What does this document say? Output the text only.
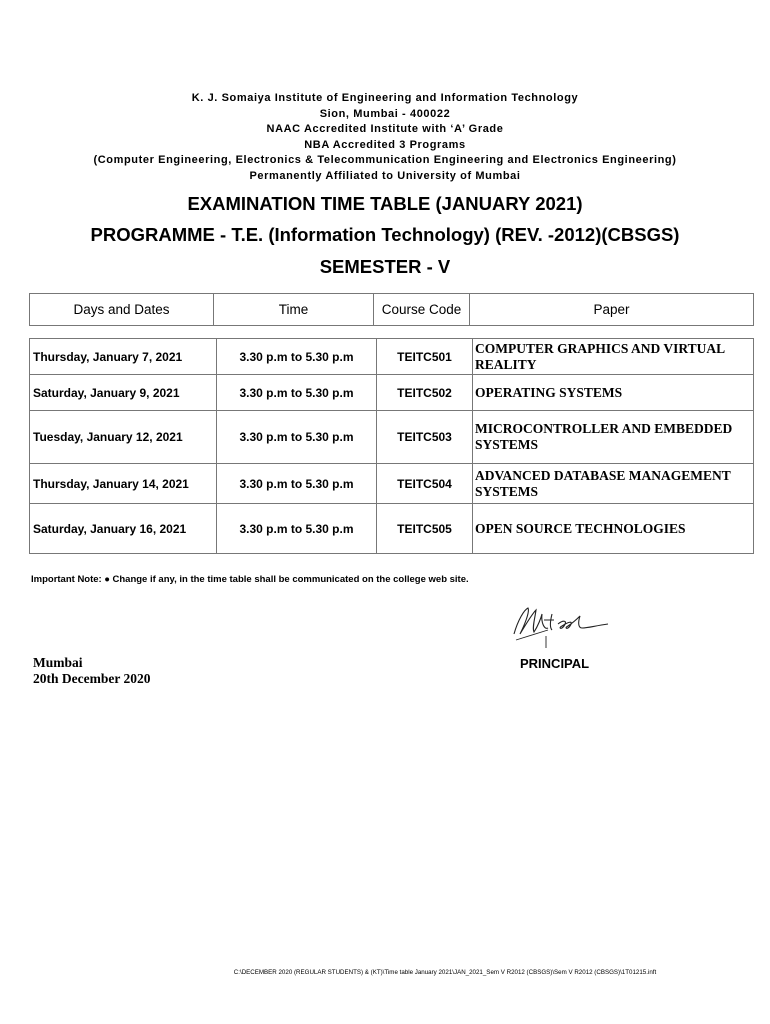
K. J. Somaiya Institute of Engineering and Information Technology
Sion, Mumbai - 400022
NAAC Accredited Institute with ‘A’ Grade
NBA Accredited 3 Programs
(Computer Engineering, Electronics & Telecommunication Engineering and Electronics Engineering)
Permanently Affiliated to University of Mumbai
EXAMINATION TIME TABLE (JANUARY 2021)
PROGRAMME - T.E. (Information Technology) (REV. -2012)(CBSGS)
SEMESTER - V
Days and Dates	Time	Course Code	Paper
Thursday, January 7, 2021	3.30 p.m to 5.30 p.m	TEITC501	COMPUTER GRAPHICS AND VIRTUAL REALITY
Saturday, January 9, 2021	3.30 p.m to 5.30 p.m	TEITC502	OPERATING SYSTEMS
Tuesday, January 12, 2021	3.30 p.m to 5.30 p.m	TEITC503	MICROCONTROLLER AND EMBEDDED SYSTEMS
Thursday, January 14, 2021	3.30 p.m to 5.30 p.m	TEITC504	ADVANCED DATABASE MANAGEMENT SYSTEMS
Saturday, January 16, 2021	3.30 p.m to 5.30 p.m	TEITC505	OPEN SOURCE TECHNOLOGIES
Important Note: ● Change if any, in the time table shall be communicated on the college web site.
Mumbai
20th December 2020
PRINCIPAL
C:\DECEMBER 2020 (REGULAR STUDENTS) & (KT)\Time table January 2021\JAN_2021_Sem V R2012 (CBSGS)\Sem V R2012 (CBSGS)\1T01215.inft
